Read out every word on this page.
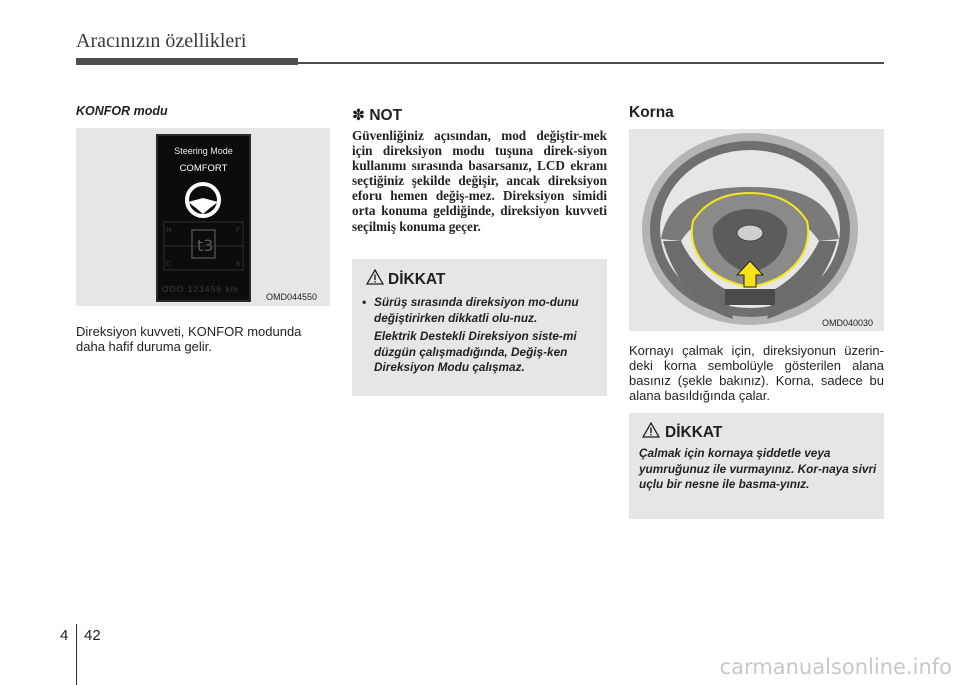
Aracınızın özellikleri
KONFOR modu
Steering Mode
COMFORT
t3
H	F
C	E
ODO 123456 km
OMD044550
Direksiyon kuvveti, KONFOR modunda daha hafif duruma gelir.
✽ NOT
Güvenliğiniz açısından, mod değiştir-mek için direksiyon modu tuşuna direk-siyon kullanımı sırasında basarsanız, LCD ekranı seçtiğiniz şekilde değişir, ancak direksiyon eforu hemen değiş-mez. Direksiyon simidi orta konuma geldiğinde, direksiyon kuvveti seçilmiş konuma geçer.
DİKKAT
• Sürüş sırasında direksiyon mo-dunu değiştirirken dikkatli olu-nuz.
Elektrik Destekli Direksiyon siste-mi düzgün çalışmadığında, Değiş-ken Direksiyon Modu çalışmaz.
Korna
OMD040030
Kornayı çalmak için, direksiyonun üzerin-deki korna sembolüyle gösterilen alana basınız (şekle bakınız). Korna, sadece bu alana basıldığında çalar.
DİKKAT
Çalmak için kornaya şiddetle veya yumruğunuz ile vurmayınız. Kor-naya sivri uçlu bir nesne ile basma-yınız.
4 42
carmanualsonline.info
